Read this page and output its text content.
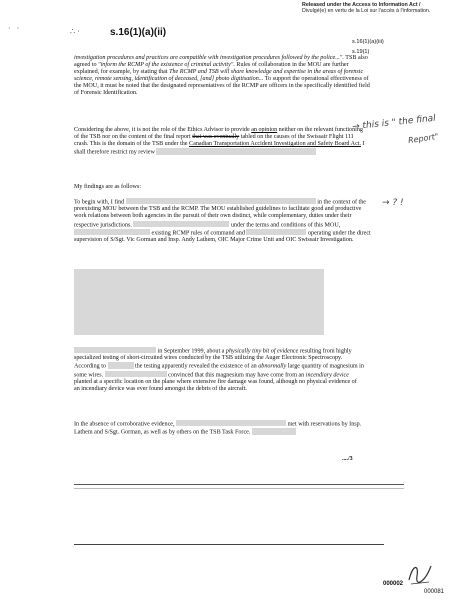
Released under the Access to Information Act /
Divulgé(e) en vertu de la Loi sur l'accès à l'information.
· ·	∴ ·	s.16(1)(a)(ii)
s.16(1)(a)(iii)
s.19(1)
investigation procedures and practices are compatible with investigation procedures followed by the police...". TSB also agreed to "inform the RCMP of the existence of criminal activity". Rules of collaboration in the MOU are further explained, for example, by stating that The RCMP and TSB will share knowledge and expertise in the areas of forensic science, remote sensing, identification of deceased, [and] photo digitisation... To support the operational effectiveness of the MOU, it must be noted that the designated representatives of the RCMP are officers in the specifically identified field of Forensic Identification.
Considering the above, it is not the role of the Ethics Advisor to provide an opinion neither on the relevant functioning of the TSB nor on the content of the final report that was eventually tabled on the causes of the Swissair Flight 111 crash. This is the domain of the TSB under the Canadian Transportation Accident Investigation and Safety Board Act. I shall therefore restrict my review
→ this is " the final
Report"
My findings are as follows:
To begin with, I find	in the context of the preexisting MOU between the TSB and the RCMP. The MOU established guidelines to facilitate good and productive work relations between both agencies in the pursuit of their own distinct, while complementary, duties under their respective jurisdictions.	under the terms and conditions of this MOU,  existing RCMP rules of command and	operating under the direct supervision of S/Sgt. Vic Gorman and Insp. Andy Lathem, OIC Major Crime Unit and OIC Swissair Investigation.
→ ? !
in September 1999, about a physically tiny bit of evidence resulting from highly specialized testing of short-circuited wires conducted by the TSB utilizing the Auger Electronic Spectroscopy. According to	the testing apparently revealed the existence of an abnormally large quantity of magnesium in some wires.	convinced that this magnesium may have come from an incendiary device planted at a specific location on the plane where extensive fire damage was found, although no physical evidence of an incendiary device was ever found amongst the debris of the aircraft.
In the absence of corroborative evidence,	met with reservations by Insp. Lathem and S/Sgt. Gorman, as well as by others on the TSB Task Force.
..../3
000002
000081
